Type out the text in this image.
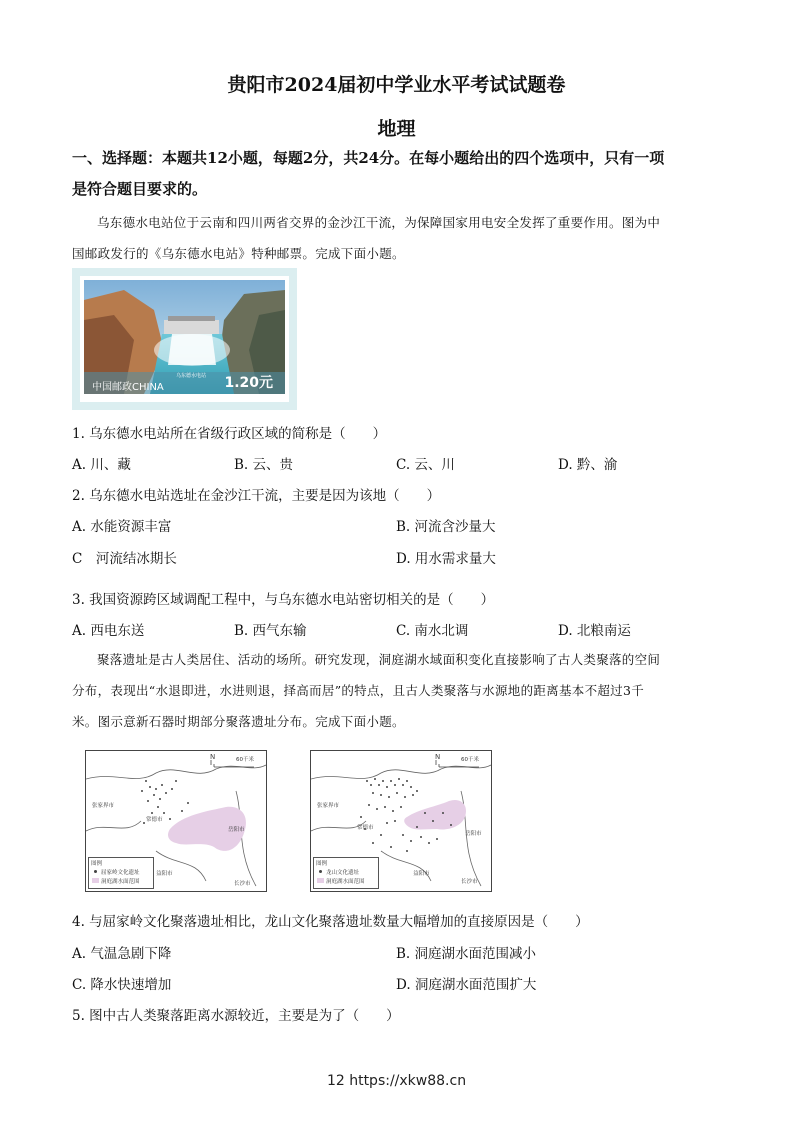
贵阳市2024届初中学业水平考试试题卷
地理
一、选择题：本题共12小题，每题2分，共24分。在每小题给出的四个选项中，只有一项
是符合题目要求的。
乌东德水电站位于云南和四川两省交界的金沙江干流，为保障国家用电安全发挥了重要作用。图为中
国邮政发行的《乌东德水电站》特种邮票。完成下面小题。
乌东德水电站
中国邮政CHINA	1.20元
1. 乌东德水电站所在省级行政区域的简称是（　　）
A. 川、藏	B. 云、贵	C. 云、川	D. 黔、渝
2. 乌东德水电站选址在金沙江干流，主要是因为该地（　　）
A. 水能资源丰富	B. 河流含沙量大
C　河流结冰期长	D. 用水需求量大
3. 我国资源跨区域调配工程中，与乌东德水电站密切相关的是（　　）
A. 西电东送	B. 西气东输	C. 南水北调	D. 北粮南运
聚落遗址是古人类居住、活动的场所。研究发现，洞庭湖水域面积变化直接影响了古人类聚落的空间
分布，表现出“水退即进，水进则退，择高而居”的特点，且古人类聚落与水源地的距离基本不超过3千
米。图示意新石器时期部分聚落遗址分布。完成下面小题。
N	60千米
张家界市
常德市
岳阳市
益阳市
长沙市
图例
屈家岭文化遗址
洞庭湖水面范围
N	60千米
张家界市
常德市
岳阳市
益阳市
长沙市
图例
龙山文化遗址
洞庭湖水面范围
4. 与屈家岭文化聚落遗址相比，龙山文化聚落遗址数量大幅增加的直接原因是（　　）
A. 气温急剧下降	B. 洞庭湖水面范围减小
C. 降水快速增加	D. 洞庭湖水面范围扩大
5. 图中古人类聚落距离水源较近，主要是为了（　　）
12 https://xkw88.cn
